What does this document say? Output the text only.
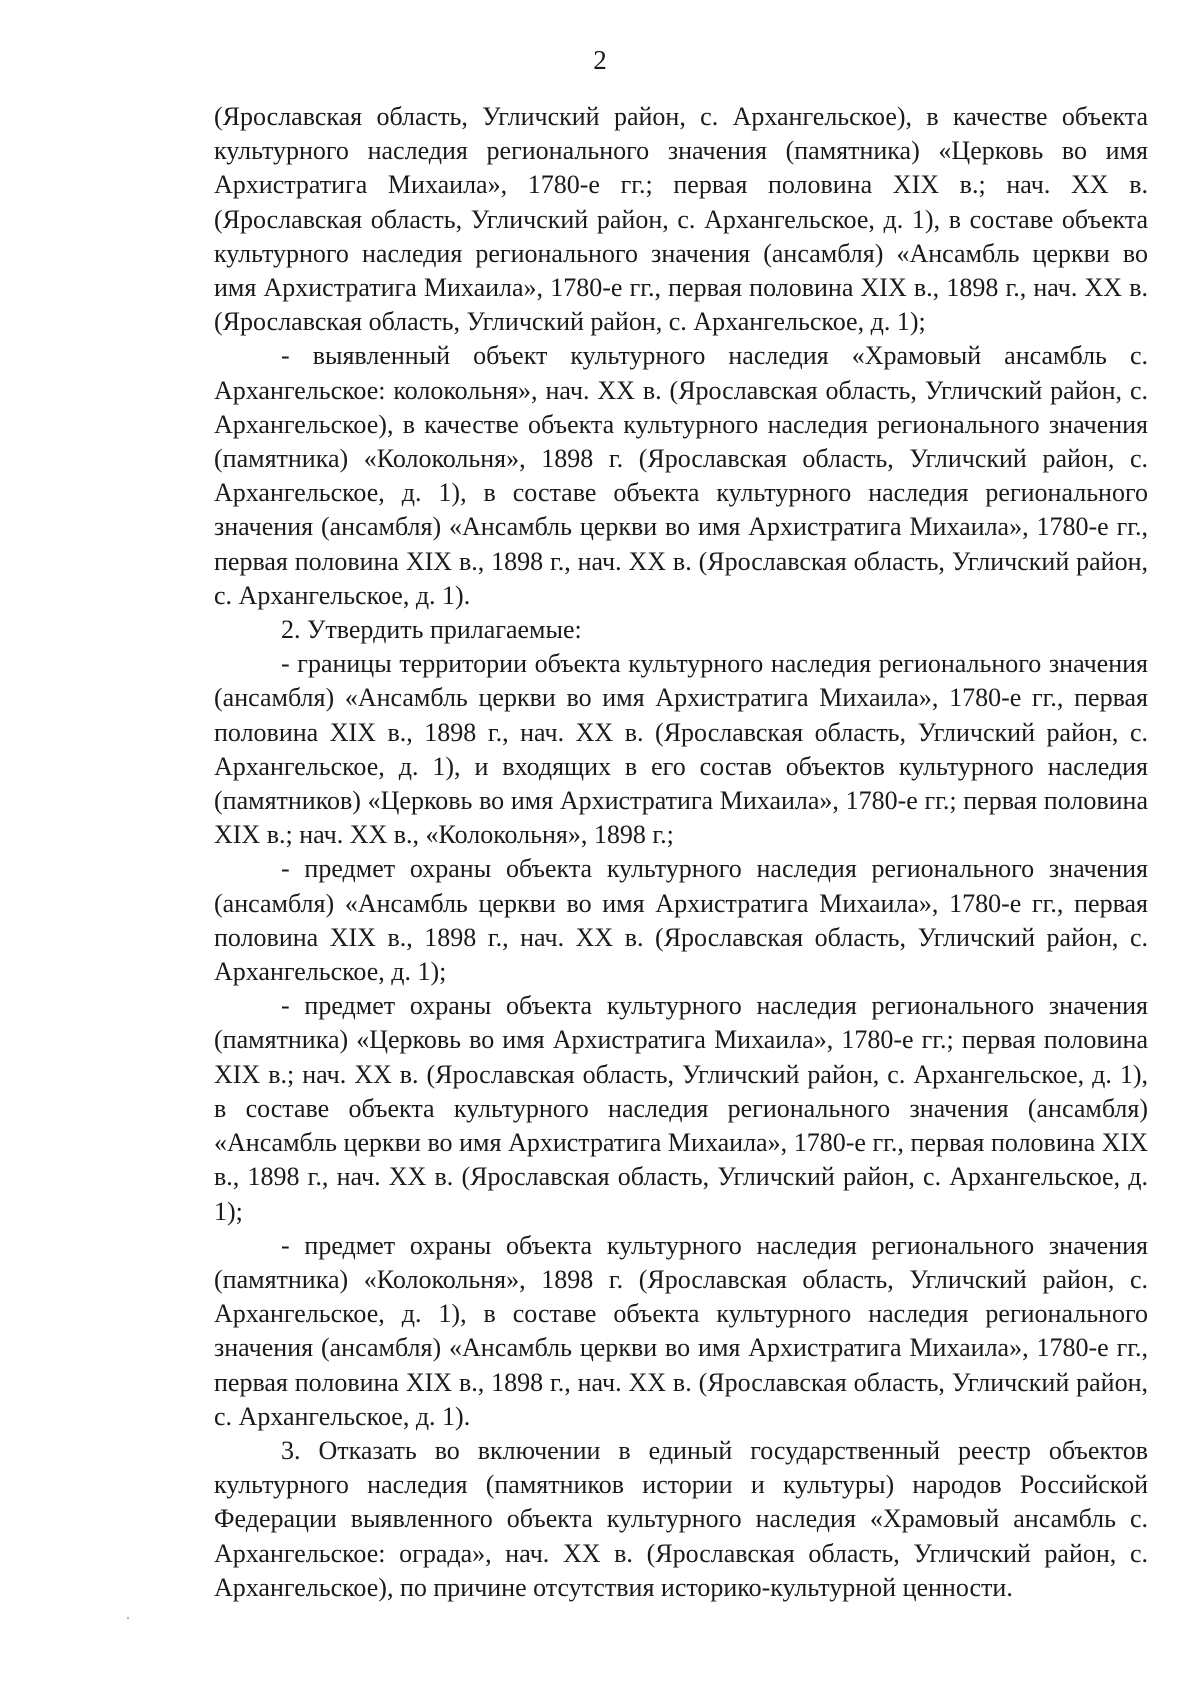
2

(Ярославская область, Угличский район, с. Архангельское), в качестве объекта культурного наследия регионального значения (памятника) «Церковь во имя Архистратига Михаила», 1780-е гг.; первая половина XIX в.; нач. XX в. (Ярославская область, Угличский район, с. Архангельское, д. 1), в составе объекта культурного наследия регионального значения (ансамбля) «Ансамбль церкви во имя Архистратига Михаила», 1780-е гг., первая половина XIX в., 1898 г., нач. XX в. (Ярославская область, Угличский район, с. Архангельское, д. 1);

- выявленный объект культурного наследия «Храмовый ансамбль с. Архангельское: колокольня», нач. XX в. (Ярославская область, Угличский район, с. Архангельское), в качестве объекта культурного наследия регионального значения (памятника) «Колокольня», 1898 г. (Ярославская область, Угличский район, с. Архангельское, д. 1), в составе объекта культурного наследия регионального значения (ансамбля) «Ансамбль церкви во имя Архистратига Михаила», 1780-е гг., первая половина XIX в., 1898 г., нач. XX в. (Ярославская область, Угличский район, с. Архангельское, д. 1).

2. Утвердить прилагаемые:

- границы территории объекта культурного наследия регионального значения (ансамбля) «Ансамбль церкви во имя Архистратига Михаила», 1780-е гг., первая половина XIX в., 1898 г., нач. XX в. (Ярославская область, Угличский район, с. Архангельское, д. 1), и входящих в его состав объектов культурного наследия (памятников) «Церковь во имя Архистратига Михаила», 1780-е гг.; первая половина XIX в.; нач. XX в., «Колокольня», 1898 г.;

- предмет охраны объекта культурного наследия регионального значения (ансамбля) «Ансамбль церкви во имя Архистратига Михаила», 1780-е гг., первая половина XIX в., 1898 г., нач. XX в. (Ярославская область, Угличский район, с. Архангельское, д. 1);

- предмет охраны объекта культурного наследия регионального значения (памятника) «Церковь во имя Архистратига Михаила», 1780-е гг.; первая половина XIX в.; нач. XX в. (Ярославская область, Угличский район, с. Архангельское, д. 1), в составе объекта культурного наследия регионального значения (ансамбля) «Ансамбль церкви во имя Архистратига Михаила», 1780-е гг., первая половина XIX в., 1898 г., нач. XX в. (Ярославская область, Угличский район, с. Архангельское, д. 1);

- предмет охраны объекта культурного наследия регионального значения (памятника) «Колокольня», 1898 г. (Ярославская область, Угличский район, с. Архангельское, д. 1), в составе объекта культурного наследия регионального значения (ансамбля) «Ансамбль церкви во имя Архистратига Михаила», 1780-е гг., первая половина XIX в., 1898 г., нач. XX в. (Ярославская область, Угличский район, с. Архангельское, д. 1).

3. Отказать во включении в единый государственный реестр объектов культурного наследия (памятников истории и культуры) народов Российской Федерации выявленного объекта культурного наследия «Храмовый ансамбль с. Архангельское: ограда», нач. XX в. (Ярославская область, Угличский район, с. Архангельское), по причине отсутствия историко-культурной ценности.
